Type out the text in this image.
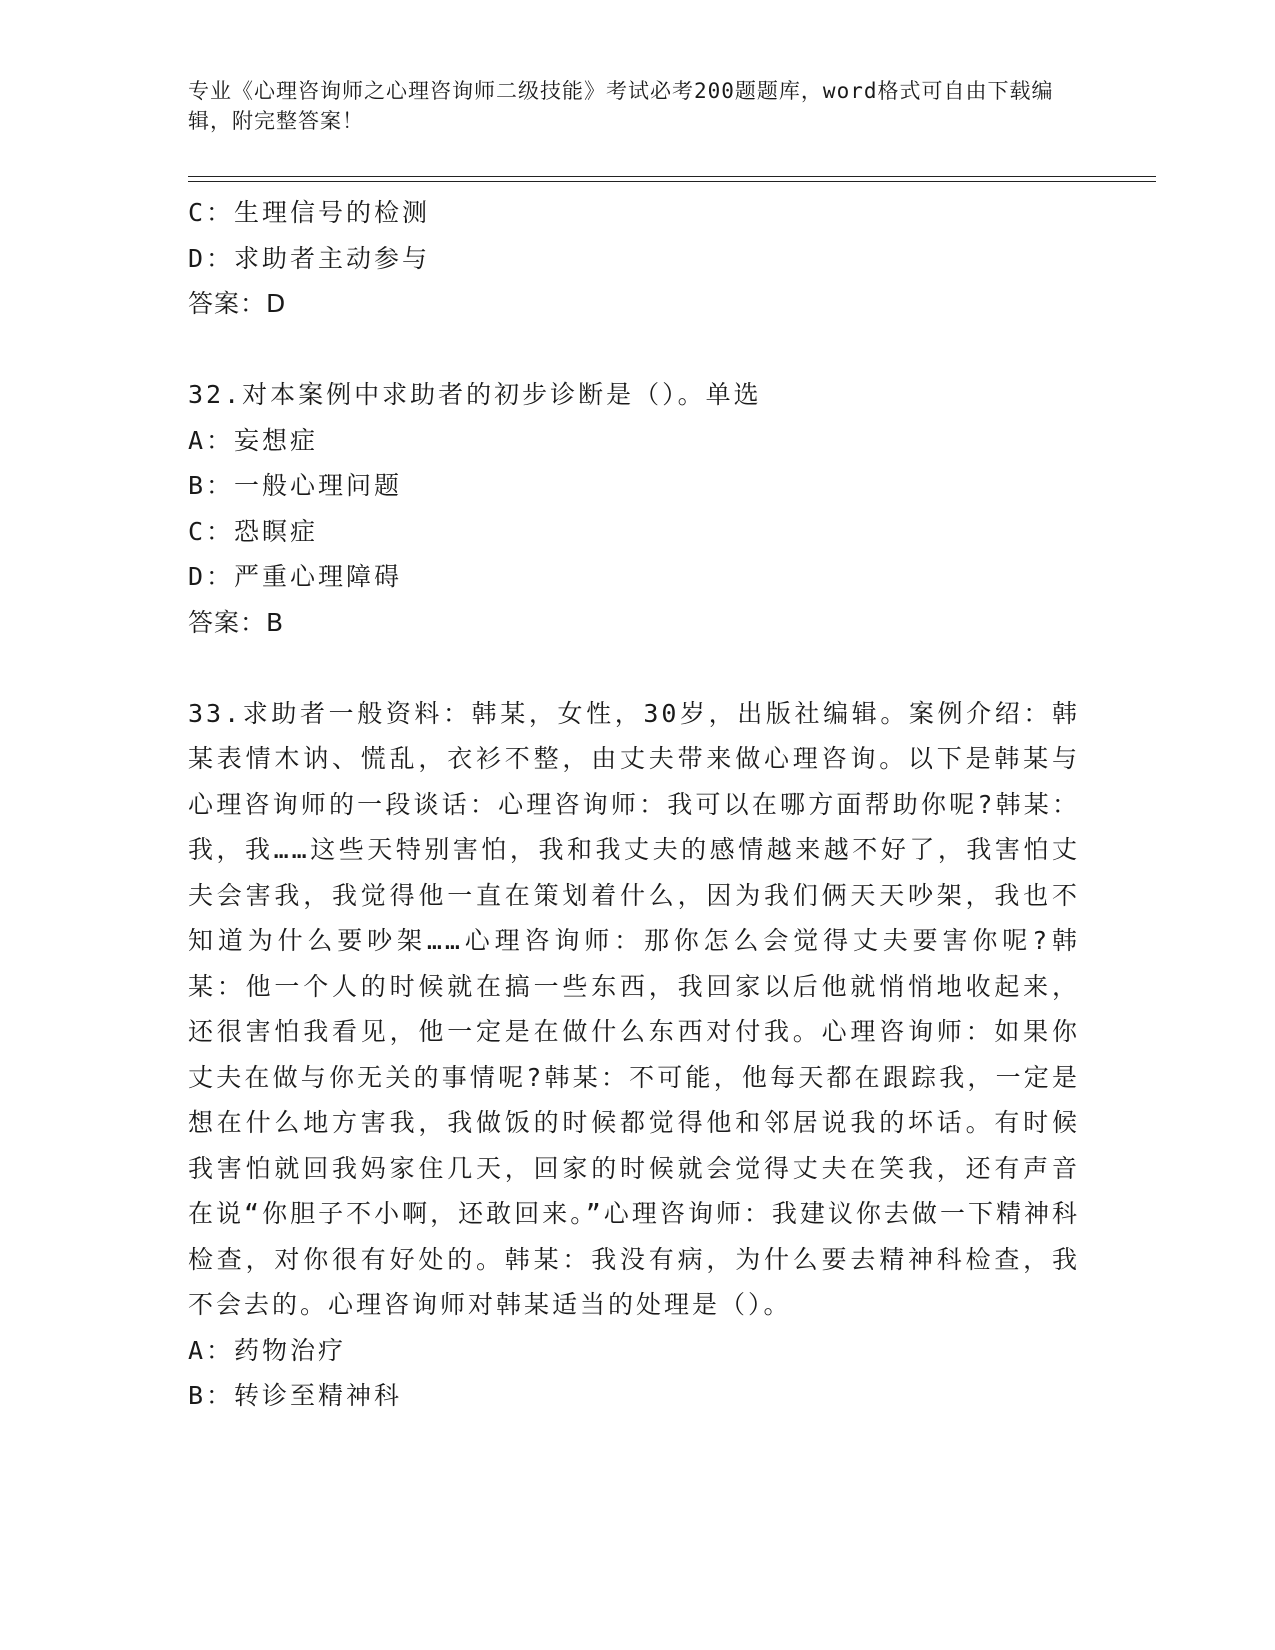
专业《心理咨询师之心理咨询师二级技能》考试必考200题题库，word格式可自由下载编辑，附完整答案！
C：生理信号的检测
D：求助者主动参与
答案：D
32.对本案例中求助者的初步诊断是（）。单选
A：妄想症
B：一般心理问题
C：恐瞑症
D：严重心理障碍
答案：B
33.求助者一般资料：韩某，女性，30岁，出版社编辑。案例介绍：韩某表情木讷、慌乱，衣衫不整，由丈夫带来做心理咨询。以下是韩某与心理咨询师的一段谈话：心理咨询师：我可以在哪方面帮助你呢?韩某：我，我……这些天特别害怕，我和我丈夫的感情越来越不好了，我害怕丈夫会害我，我觉得他一直在策划着什么，因为我们俩天天吵架，我也不知道为什么要吵架……心理咨询师：那你怎么会觉得丈夫要害你呢?韩某：他一个人的时候就在搞一些东西，我回家以后他就悄悄地收起来，还很害怕我看见，他一定是在做什么东西对付我。心理咨询师：如果你丈夫在做与你无关的事情呢?韩某：不可能，他每天都在跟踪我，一定是想在什么地方害我，我做饭的时候都觉得他和邻居说我的坏话。有时候我害怕就回我妈家住几天，回家的时候就会觉得丈夫在笑我，还有声音在说“你胆子不小啊，还敢回来。”心理咨询师：我建议你去做一下精神科检查，对你很有好处的。韩某：我没有病，为什么要去精神科检查，我不会去的。心理咨询师对韩某适当的处理是（）。
A：药物治疗
B：转诊至精神科
